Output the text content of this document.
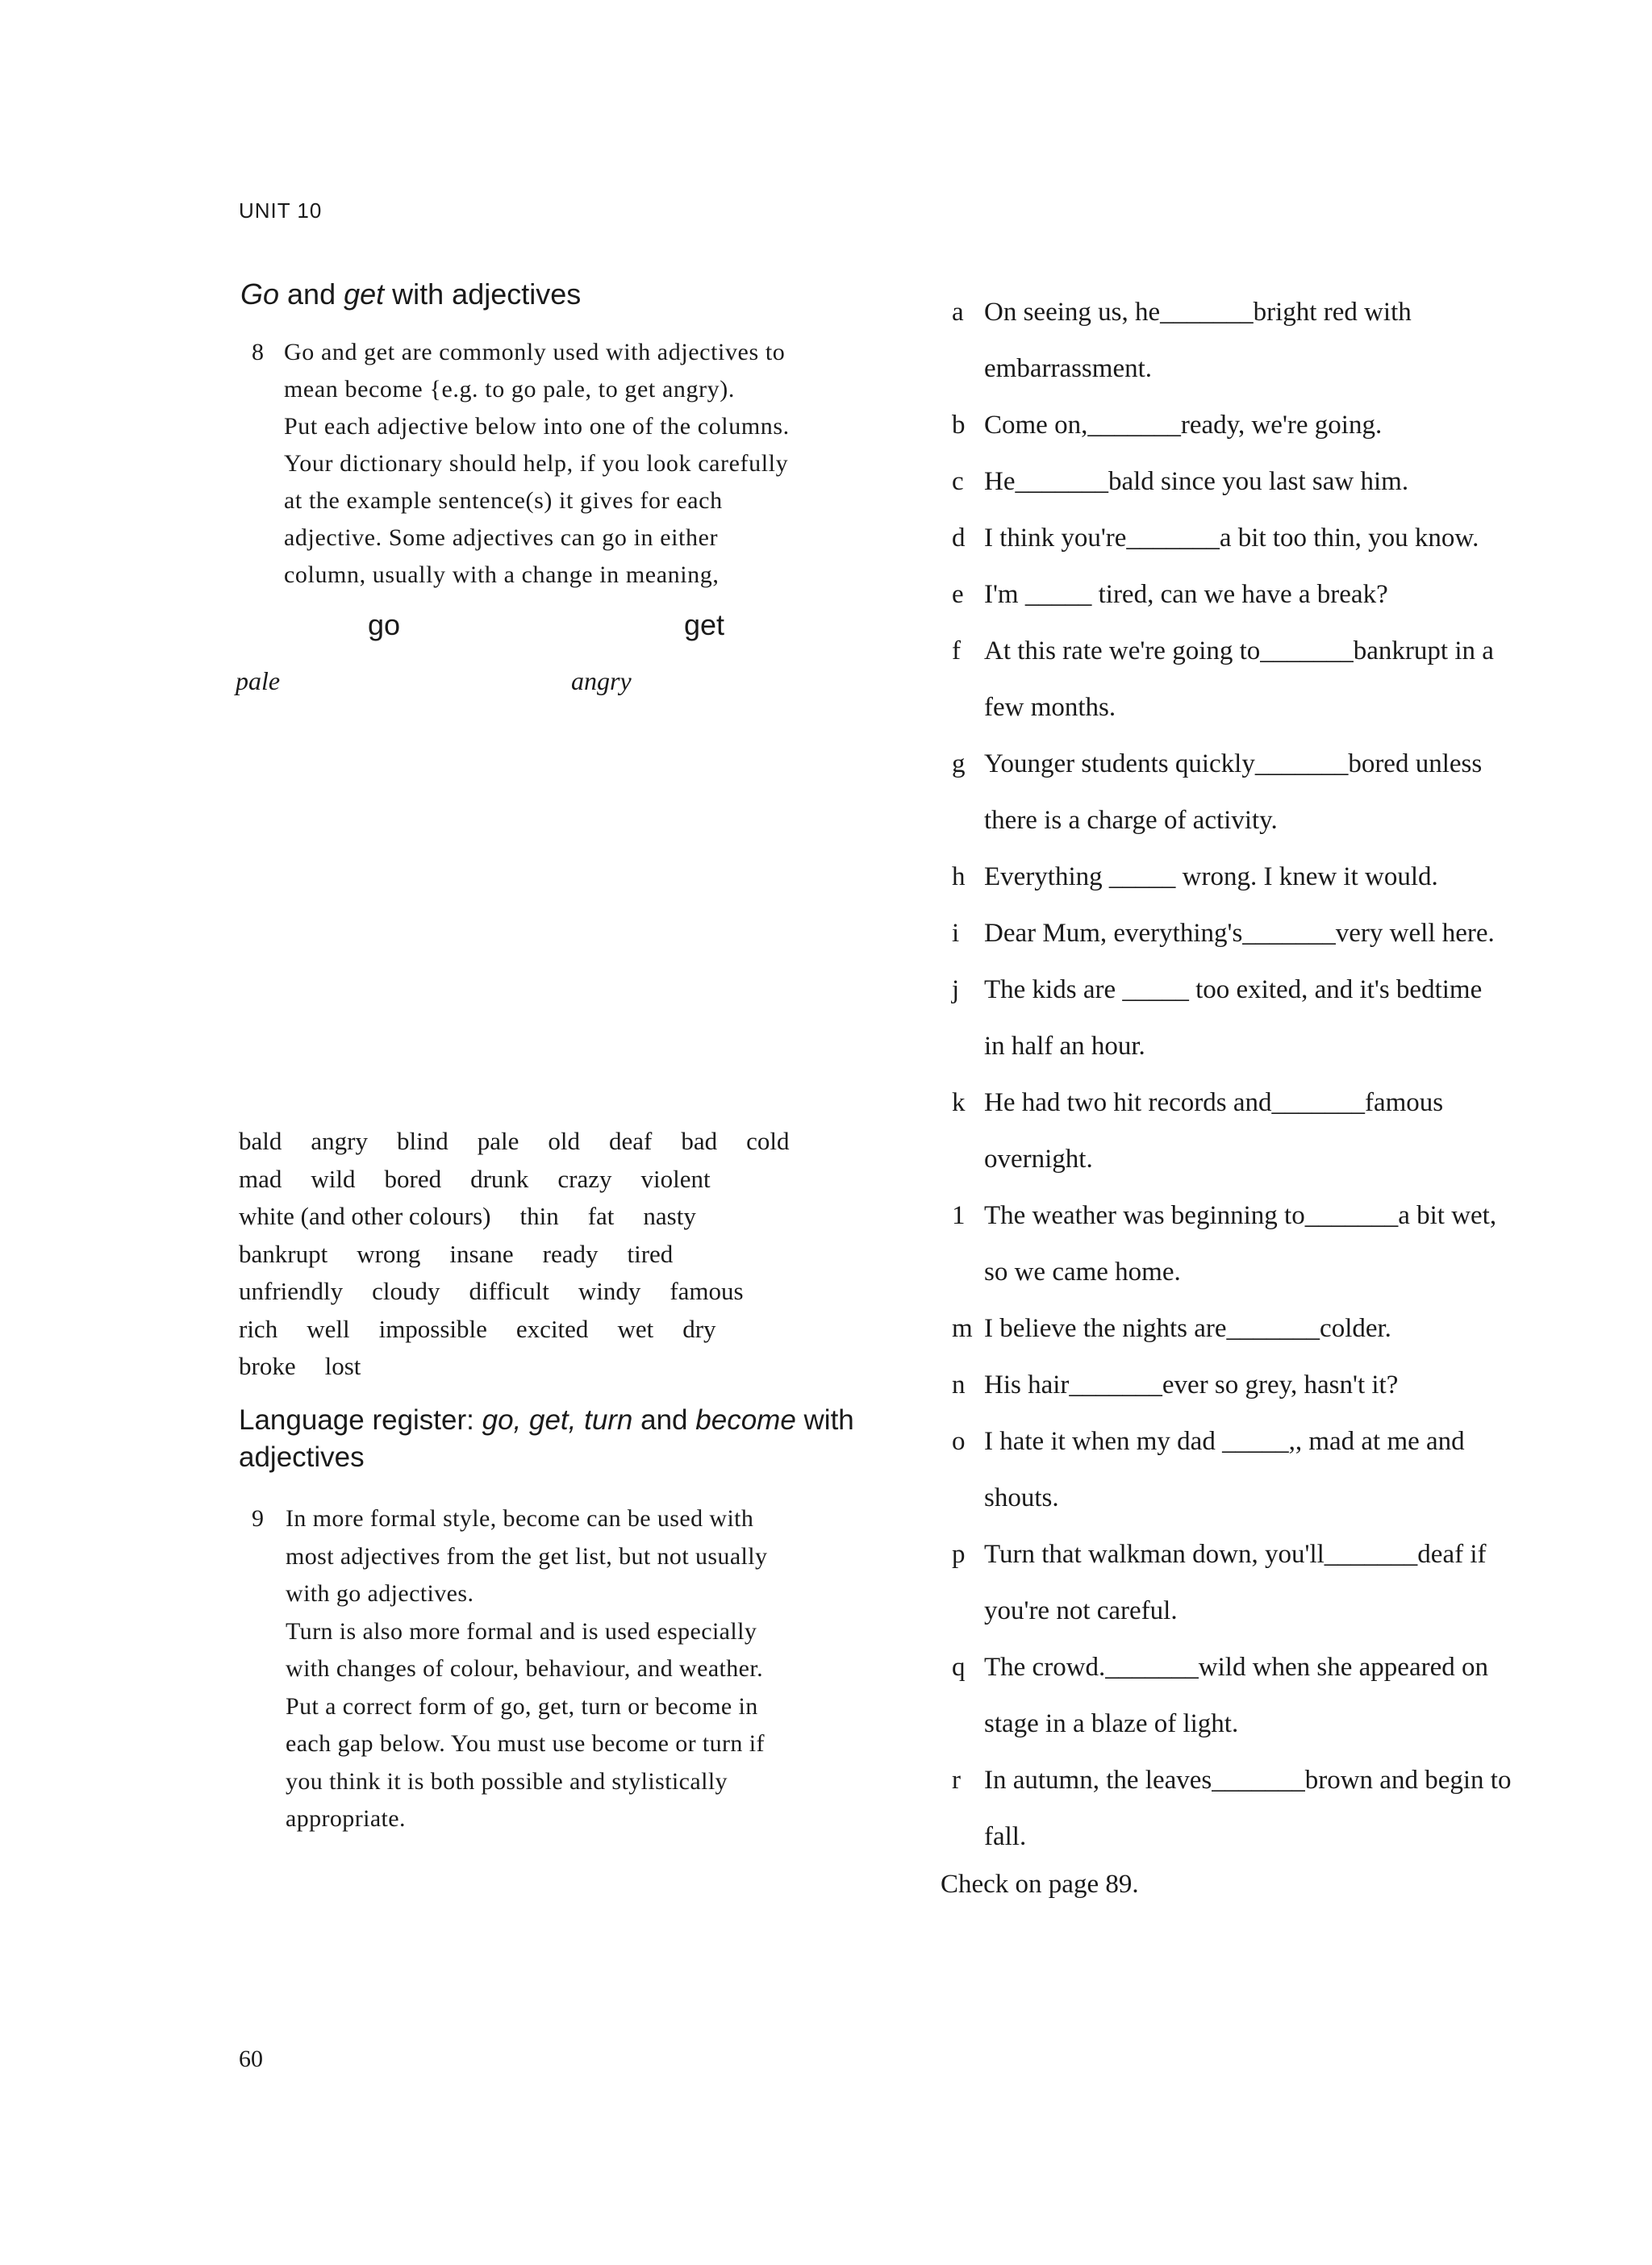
UNIT 10
Go and get with adjectives
8 Go and get are commonly used with adjectives to

mean become {e.g. to go pale, to get angry).

Put each adjective below into one of the columns.

Your dictionary should help, if you look carefully

at the example sentence(s) it gives for each

adjective. Some adjectives can go in either

column, usually with a change in meaning,

go	get
pale	angry
bald angry blind pale old deaf bad cold
mad wild bored drunk crazy violent
white (and other colours) thin fat nasty
bankrupt wrong insane ready tired
unfriendly cloudy difficult windy famous
rich well impossible excited wet dry
broke lost
Language register: go, get, turn and become with adjectives
9 In more formal style, become can be used with

most adjectives from the get list, but not usually

with go adjectives.

Turn is also more formal and is used especially

with changes of colour, behaviour, and weather.

Put a correct form of go, get, turn or become in

each gap below. You must use become or turn if

you think it is both possible and stylistically

appropriate.

a On seeing us, he_______bright red with
embarrassment.
b Come on,_______ready, we're going.
c He_______bald since you last saw him.
d I think you're_______a bit too thin, you know.
e I'm _____ tired, can we have a break?
f At this rate we're going to_______bankrupt in a
few months.
g Younger students quickly_______bored unless
there is a charge of activity.
h Everything _____ wrong. I knew it would.
i Dear Mum, everything's_______very well here.
j The kids are _____ too exited, and it's bedtime
in half an hour.
k He had two hit records and_______famous
overnight.
1 The weather was beginning to_______a bit wet,
so we came home.
m I believe the nights are_______colder.
n His hair_______ever so grey, hasn't it?
o I hate it when my dad _____,, mad at me and
shouts.
p Turn that walkman down, you'll_______deaf if
you're not careful.
q The crowd._______wild when she appeared on
stage in a blaze of light.
r In autumn, the leaves_______brown and begin to
fall.
Check on page 89.
60
